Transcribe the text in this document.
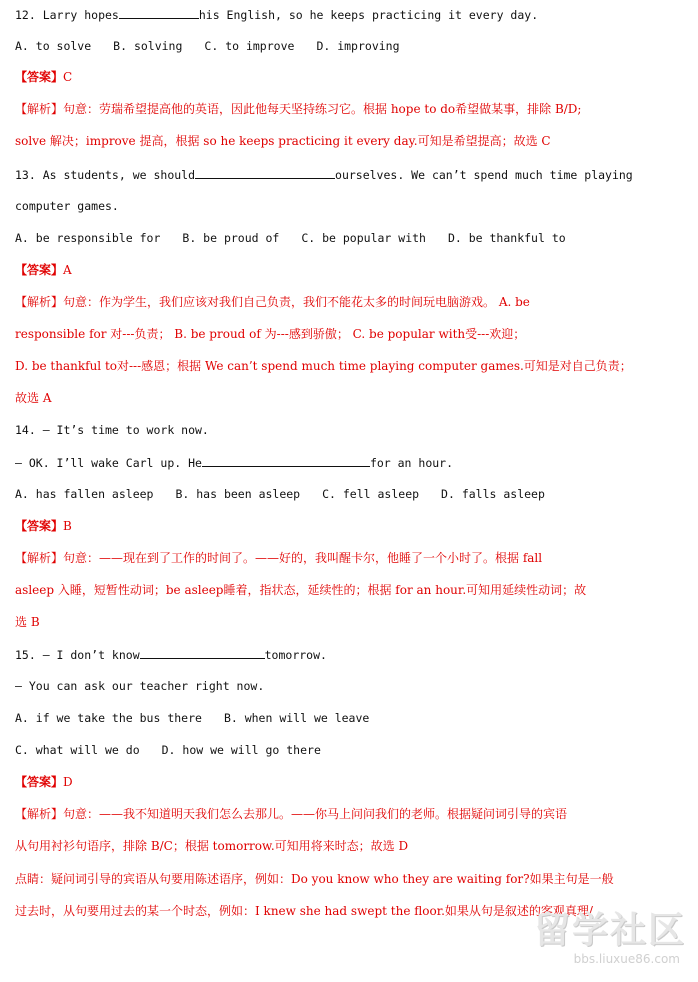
12. Larry hopes	his English, so he keeps practicing it every day.
A. to solve B. solving C. to improve D. improving
【答案】C
【解析】句意：劳瑞希望提高他的英语，因此他每天坚持练习它。根据 hope to do希望做某事，排除 B/D;
solve 解决；improve 提高，根据 so he keeps practicing it every day.可知是希望提高；故选 C
13. As students, we should	ourselves. We can’t spend much time playing
computer games.
A. be responsible for B. be proud of C. be popular with D. be thankful to
【答案】A
【解析】句意：作为学生，我们应该对我们自己负责，我们不能花太多的时间玩电脑游戏。 A. be
responsible for 对---负责； B. be proud of 为---感到骄傲； C. be popular with受---欢迎；
D. be thankful to对---感恩；根据 We can’t spend much time playing computer games.可知是对自己负责；
故选 A
14. — It’s time to work now.
— OK. I’ll wake Carl up. He	for an hour.
A. has fallen asleep B. has been asleep C. fell asleep D. falls asleep
【答案】B
【解析】句意：——现在到了工作的时间了。——好的，我叫醒卡尔，他睡了一个小时了。根据 fall
asleep 入睡，短暂性动词；be asleep睡着，指状态，延续性的；根据 for an hour.可知用延续性动词；故
选 B
15. — I don’t know	tomorrow.
— You can ask our teacher right now.
A. if we take the bus there B. when will we leave
C. what will we do D. how we will go there
【答案】D
【解析】句意：——我不知道明天我们怎么去那儿。——你马上问问我们的老师。根据疑问词引导的宾语
从句用衬衫句语序，排除 B/C；根据 tomorrow.可知用将来时态；故选 D
点睛：疑问词引导的宾语从句要用陈述语序，例如：Do you know who they are waiting for?如果主句是一般
过去时，从句要用过去的某一个时态，例如：I knew she had swept the floor.如果从句是叙述的客观真理/
留学社区
bbs.liuxue86.com
